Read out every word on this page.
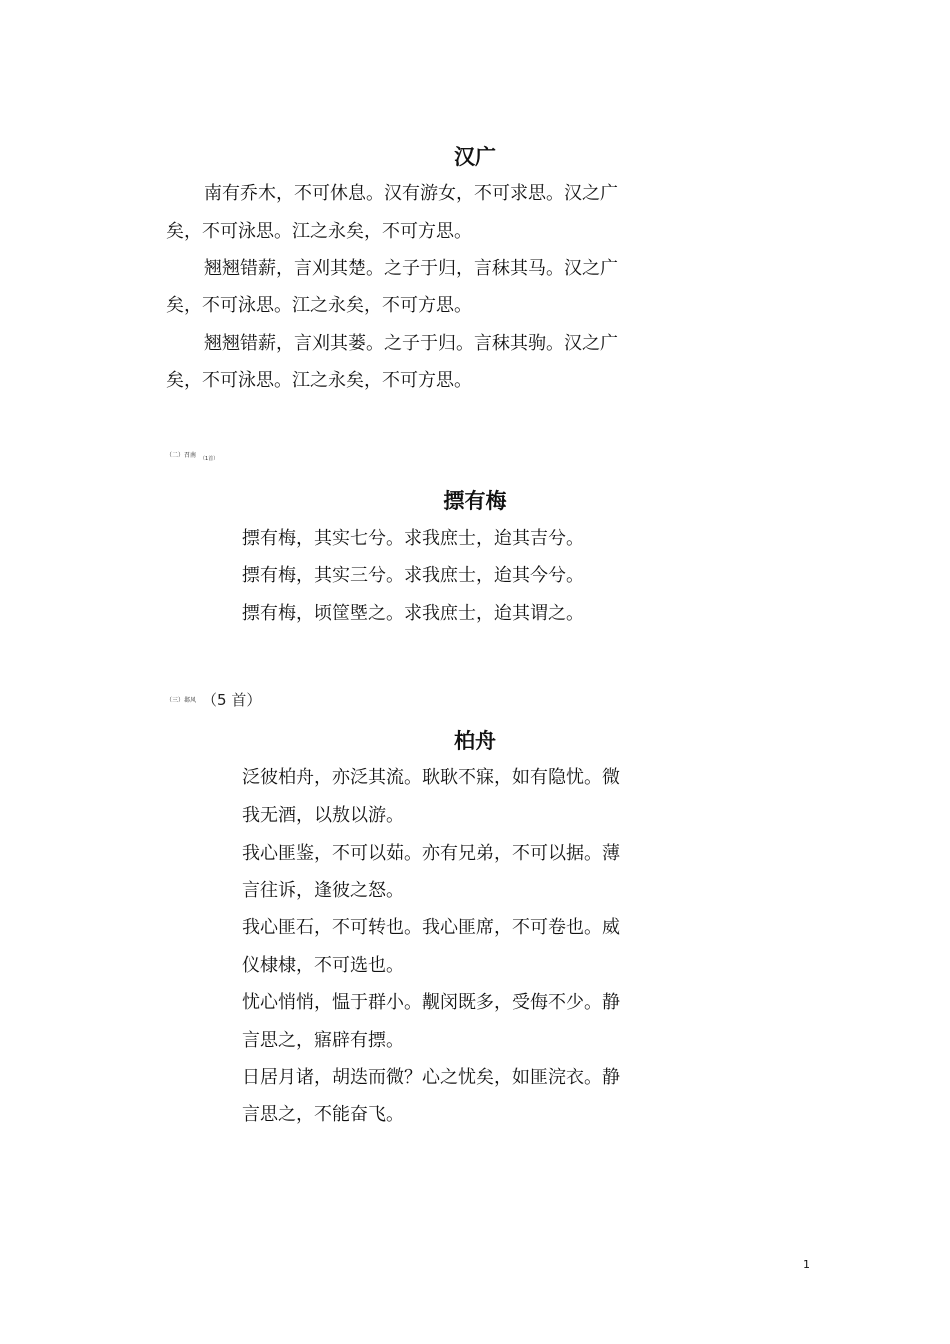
汉广

南有乔木，不可休息。汉有游女，不可求思。汉之广

矣，不可泳思。江之永矣，不可方思。

翘翘错薪，言刈其楚。之子于归，言秣其马。汉之广

矣，不可泳思。江之永矣，不可方思。

翘翘错薪，言刈其蒌。之子于归。言秣其驹。汉之广

矣，不可泳思。江之永矣，不可方思。

（二）召南 $_{(1首)}$
摽有梅

摽有梅，其实七兮。求我庶士，迨其吉兮。

摽有梅，其实三兮。求我庶士，迨其今兮。

摽有梅，顷筐塈之。求我庶士，迨其谓之。

（三）邶风 （5 首）
柏舟

泛彼柏舟，亦泛其流。耿耿不寐，如有隐忧。微

我无酒，以敖以游。

我心匪鉴，不可以茹。亦有兄弟，不可以据。薄

言往诉，逢彼之怒。

我心匪石，不可转也。我心匪席，不可卷也。威

仪棣棣，不可选也。

忧心悄悄，愠于群小。觏闵既多，受侮不少。静

言思之，寤辟有摽。

日居月诸，胡迭而微？心之忧矣，如匪浣衣。静

言思之，不能奋飞。

1
